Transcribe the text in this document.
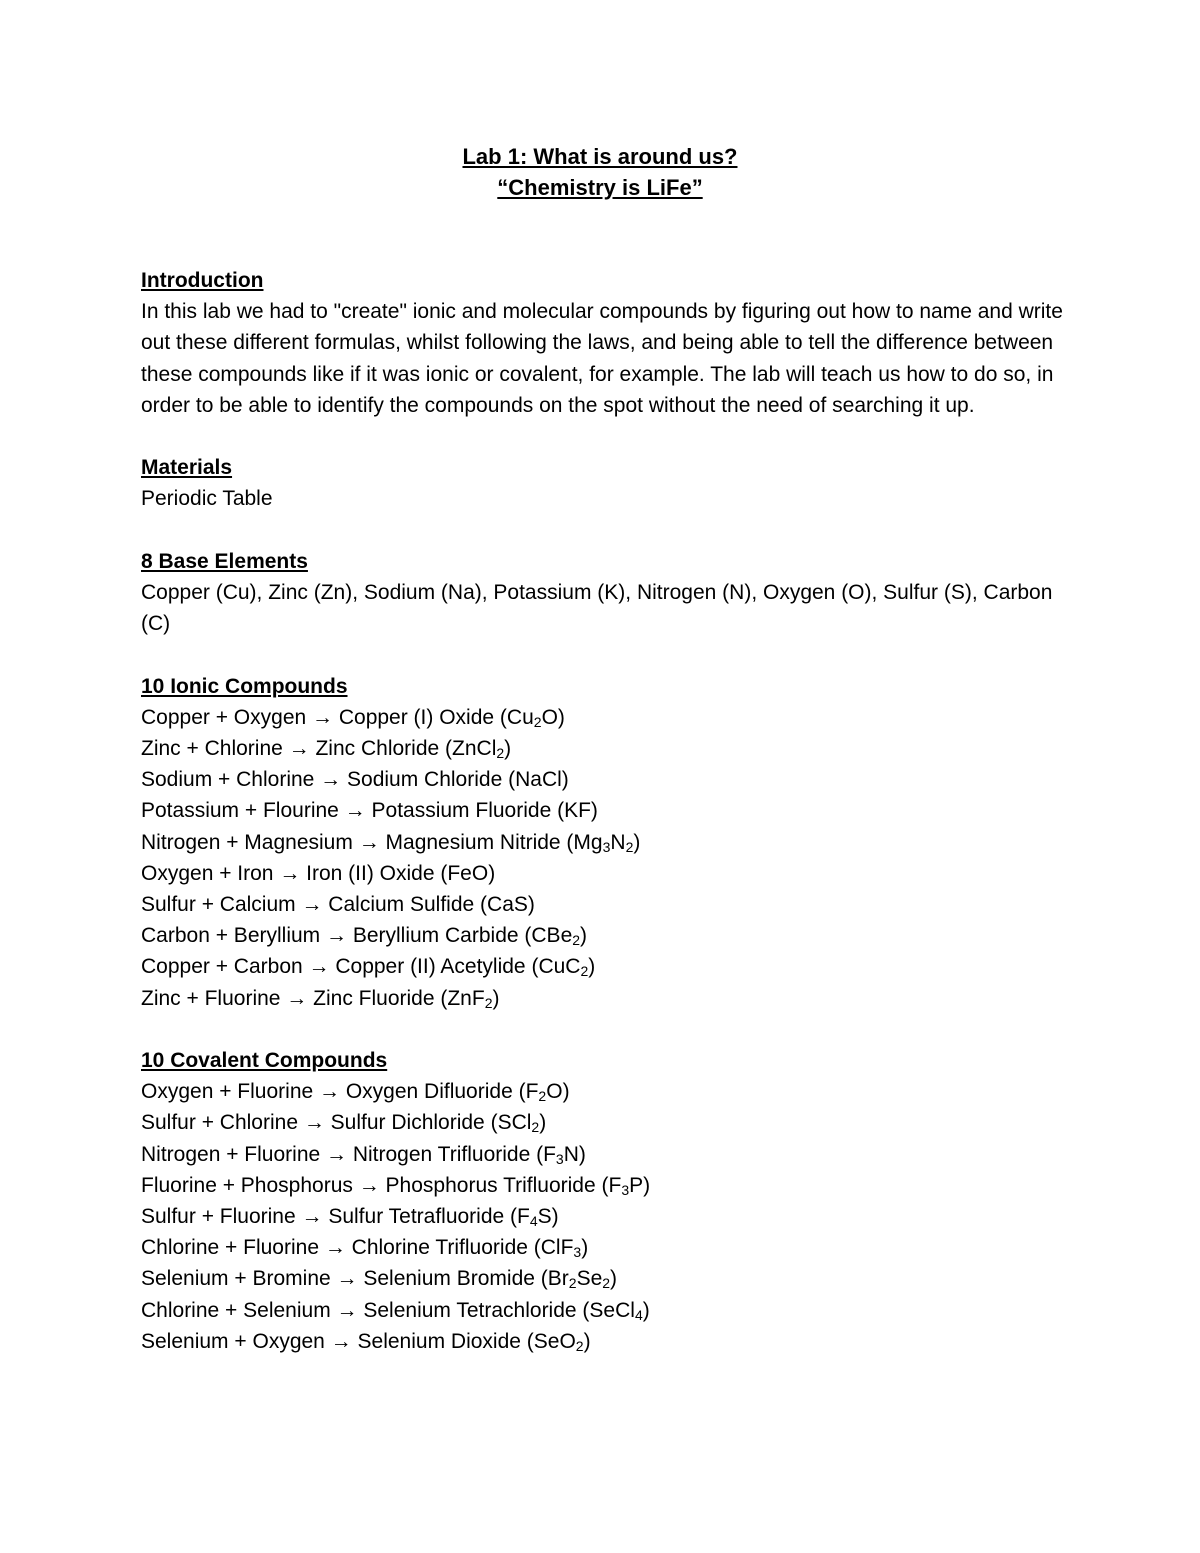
Lab 1: What is around us?
“Chemistry is LiFe”
Introduction

In this lab we had to "create" ionic and molecular compounds by figuring out how to name and write out these different formulas, whilst following the laws, and being able to tell the difference between these compounds like if it was ionic or covalent, for example. The lab will teach us how to do so, in order to be able to identify the compounds on the spot without the need of searching it up.

Materials

Periodic Table

8 Base Elements

Copper (Cu), Zinc (Zn), Sodium (Na), Potassium (K), Nitrogen (N), Oxygen (O), Sulfur (S), Carbon (C)

10 Ionic Compounds
Copper + Oxygen → Copper (I) Oxide $(Cu_2O)$
Zinc + Chlorine → Zinc Chloride (ZnCl$_2$)
Sodium + Chlorine → Sodium Chloride (NaCl)
Potassium + Flourine → Potassium Fluoride (KF)
Nitrogen + Magnesium → Magnesium Nitride $(Mg_3N_2)$
Oxygen + Iron → Iron (II) Oxide (FeO)
Sulfur + Calcium → Calcium Sulfide (CaS)
Carbon + Beryllium → Beryllium Carbide (CBe$_2$)
Copper + Carbon → Copper (II) Acetylide (CuC$_2$)
Zinc + Fluorine → Zinc Fluoride (ZnF$_2$)
10 Covalent Compounds
Oxygen + Fluorine → Oxygen Difluoride $(F_2O)$
Sulfur + Chlorine → Sulfur Dichloride (SCl$_2$)
Nitrogen + Fluorine → Nitrogen Trifluoride $(F_3N)$
Fluorine + Phosphorus → Phosphorus Trifluoride $(F_3P)$
Sulfur + Fluorine → Sulfur Tetrafluoride $(F_4S)$
Chlorine + Fluorine → Chlorine Trifluoride (ClF$_3$)
Selenium + Bromine → Selenium Bromide $(Br_2Se_2)$
Chlorine + Selenium → Selenium Tetrachloride (SeCl$_4$)
Selenium + Oxygen → Selenium Dioxide (SeO$_2$)
